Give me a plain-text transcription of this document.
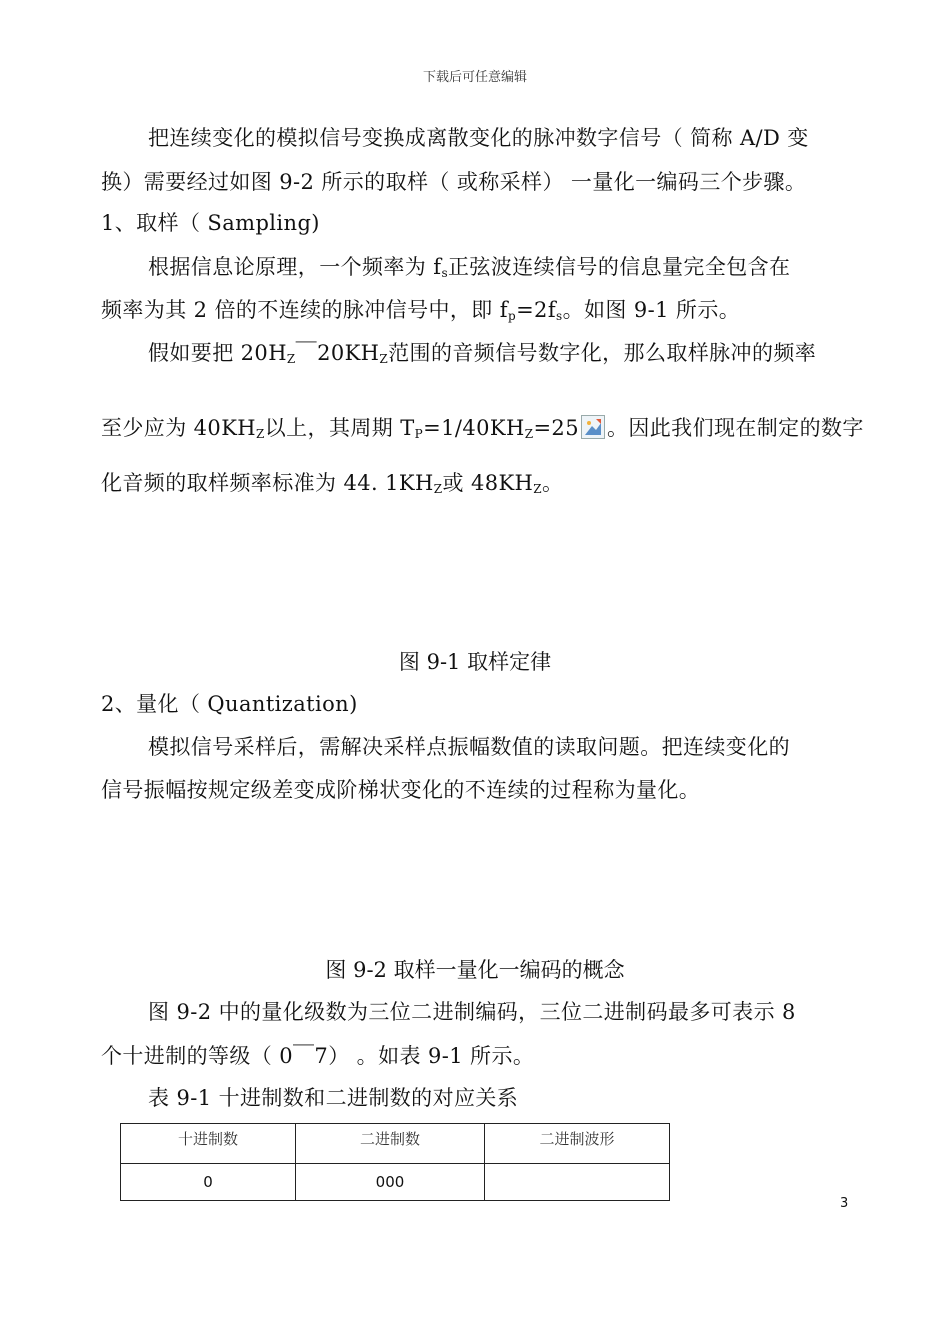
下载后可任意编辑
把连续变化的模拟信号变换成离散变化的脉冲数字信号（ 简称 A/D 变
换）需要经过如图 9-2 所示的取样（ 或称采样） 一量化一编码三个步骤。
1、取样（ Sampling)
根据信息论原理，一个频率为 $f_s$正弦波连续信号的信息量完全包含在
频率为其 2 倍的不连续的脉冲信号中，即 $f_p=2f_s$。如图 9-1 所示。
假如要把 $20H_Z$￣$20KH_Z$范围的音频信号数字化，那么取样脉冲的频率
至少应为 $40KH_Z$以上，其周期 $T_P=1/40KH_Z=25$ 。因此我们现在制定的数字
化音频的取样频率标准为 44. $1KH_Z$或 $48KH_Z$。
图 9-1 取样定律
2、量化（ Quantization)
模拟信号采样后，需解决采样点振幅数值的读取问题。把连续变化的
信号振幅按规定级差变成阶梯状变化的不连续的过程称为量化。
图 9-2 取样一量化一编码的概念
图 9-2 中的量化级数为三位二进制编码，三位二进制码最多可表示 8
个十进制的等级（ 0￣7） 。如表 9-1 所示。
表 9-1 十进制数和二进制数的对应关系
十进制数	二进制数	二进制波形
0	000	
3
